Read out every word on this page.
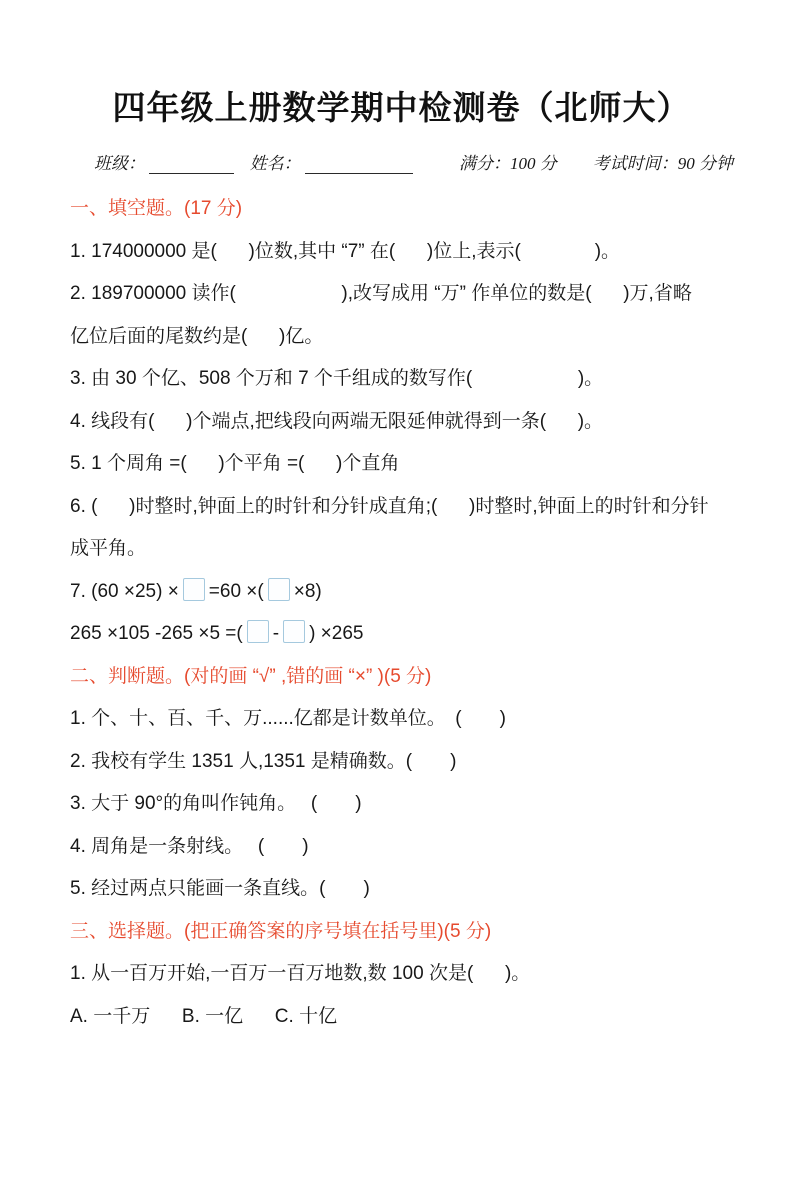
四年级上册数学期中检测卷（北师大）
班级：	姓名：	满分：100 分 考试时间：90 分钟
一、填空题。(17 分)
1. 174000000 是(      )位数,其中 “7” 在(      )位上,表示(              )。
2. 189700000 读作(                    ),改写成用 “万” 作单位的数是(      )万,省略
亿位后面的尾数约是(      )亿。
3. 由 30 个亿、508 个万和 7 个千组成的数写作(                    )。
4. 线段有(      )个端点,把线段向两端无限延伸就得到一条(      )。
5. 1 个周角 =(      )个平角 =(      )个直角
6. (      )时整时,钟面上的时针和分针成直角;(      )时整时,钟面上的时针和分针
成平角。
7. (60 ×25) × =60 ×( ×8)
265 ×105 -265 ×5 =( - ) ×265
二、判断题。(对的画 “√” ,错的画 “×” )(5 分)
1. 个、十、百、千、万......亿都是计数单位。　(　　)
2. 我校有学生 1351 人,1351 是精确数。(　　)
3. 大于 90°的角叫作钝角。　 (　　)
4. 周角是一条射线。　 (　　)
5. 经过两点只能画一条直线。(　　)
三、选择题。(把正确答案的序号填在括号里)(5 分)
1. 从一百万开始,一百万一百万地数,数 100 次是(      )。
A. 一千万      B. 一亿      C. 十亿
